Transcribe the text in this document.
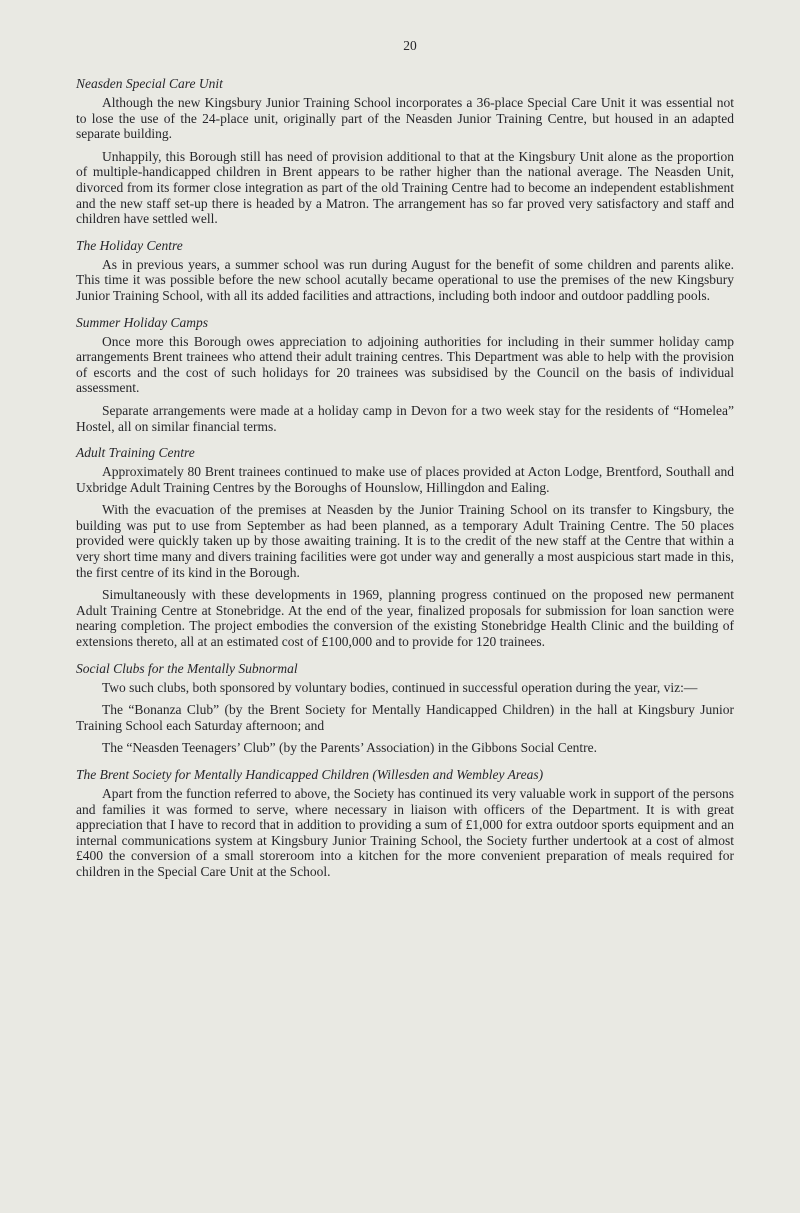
20
Neasden Special Care Unit

Although the new Kingsbury Junior Training School incorporates a 36-place Special Care Unit it was essential not to lose the use of the 24-place unit, originally part of the Neasden Junior Training Centre, but housed in an adapted separate building.

Unhappily, this Borough still has need of provision additional to that at the Kingsbury Unit alone as the proportion of multiple-handicapped children in Brent appears to be rather higher than the national average. The Neasden Unit, divorced from its former close integration as part of the old Training Centre had to become an independent establishment and the new staff set-up there is headed by a Matron. The arrangement has so far proved very satisfactory and staff and children have settled well.

The Holiday Centre

As in previous years, a summer school was run during August for the benefit of some children and parents alike. This time it was possible before the new school acutally became operational to use the premises of the new Kingsbury Junior Training School, with all its added facilities and attractions, including both indoor and outdoor paddling pools.

Summer Holiday Camps

Once more this Borough owes appreciation to adjoining authorities for including in their summer holiday camp arrangements Brent trainees who attend their adult training centres. This Department was able to help with the provision of escorts and the cost of such holidays for 20 trainees was subsidised by the Council on the basis of individual assessment.

Separate arrangements were made at a holiday camp in Devon for a two week stay for the residents of “Homelea” Hostel, all on similar financial terms.

Adult Training Centre

Approximately 80 Brent trainees continued to make use of places provided at Acton Lodge, Brentford, Southall and Uxbridge Adult Training Centres by the Boroughs of Hounslow, Hillingdon and Ealing.

With the evacuation of the premises at Neasden by the Junior Training School on its transfer to Kingsbury, the building was put to use from September as had been planned, as a temporary Adult Training Centre. The 50 places provided were quickly taken up by those awaiting training. It is to the credit of the new staff at the Centre that within a very short time many and divers training facilities were got under way and generally a most auspicious start made in this, the first centre of its kind in the Borough.

Simultaneously with these developments in 1969, planning progress continued on the proposed new permanent Adult Training Centre at Stonebridge. At the end of the year, finalized proposals for submission for loan sanction were nearing completion. The project embodies the conversion of the existing Stonebridge Health Clinic and the building of extensions thereto, all at an estimated cost of £100,000 and to provide for 120 trainees.

Social Clubs for the Mentally Subnormal

Two such clubs, both sponsored by voluntary bodies, continued in successful operation during the year, viz:—

The “Bonanza Club” (by the Brent Society for Mentally Handicapped Children) in the hall at Kingsbury Junior Training School each Saturday afternoon; and

The “Neasden Teenagers’ Club” (by the Parents’ Association) in the Gibbons Social Centre.

The Brent Society for Mentally Handicapped Children (Willesden and Wembley Areas)

Apart from the function referred to above, the Society has continued its very valuable work in support of the persons and families it was formed to serve, where necessary in liaison with officers of the Department. It is with great appreciation that I have to record that in addition to providing a sum of £1,000 for extra outdoor sports equipment and an internal communications system at Kingsbury Junior Training School, the Society further undertook at a cost of almost £400 the conversion of a small storeroom into a kitchen for the more convenient preparation of meals required for children in the Special Care Unit at the School.
